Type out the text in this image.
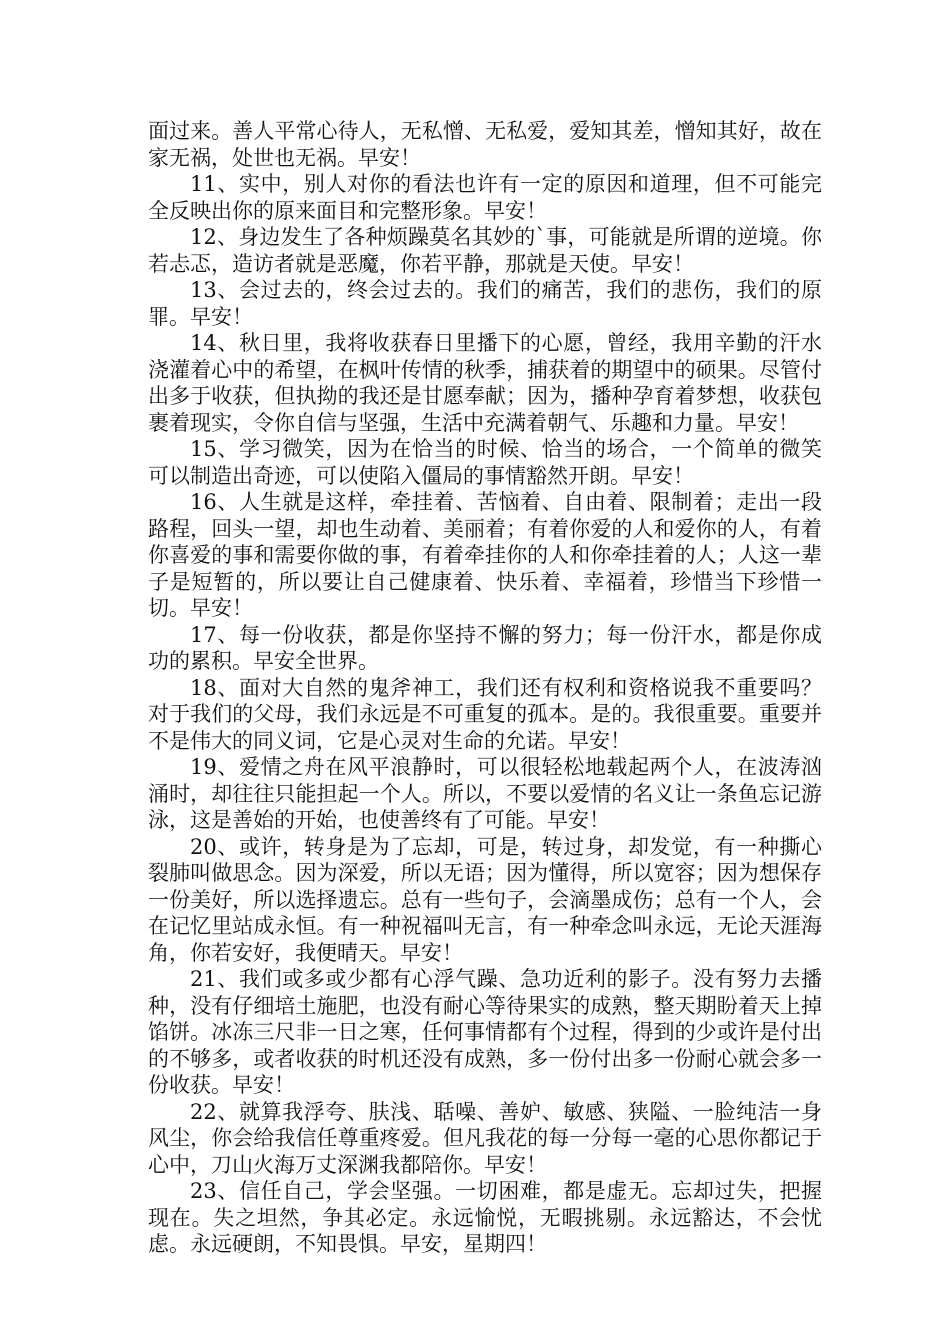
面过来。善人平常心待人，无私憎、无私爱，爱知其差，憎知其好，故在家无祸，处世也无祸。早安！

11、实中，别人对你的看法也许有一定的原因和道理，但不可能完全反映出你的原来面目和完整形象。早安！

12、身边发生了各种烦躁莫名其妙的`事，可能就是所谓的逆境。你若忐忑，造访者就是恶魔，你若平静，那就是天使。早安！

13、会过去的，终会过去的。我们的痛苦，我们的悲伤，我们的原罪。早安！

14、秋日里，我将收获春日里播下的心愿，曾经，我用辛勤的汗水浇灌着心中的希望，在枫叶传情的秋季，捕获着的期望中的硕果。尽管付出多于收获，但执拗的我还是甘愿奉献；因为，播种孕育着梦想，收获包裹着现实，令你自信与坚强，生活中充满着朝气、乐趣和力量。早安！

15、学习微笑，因为在恰当的时候、恰当的场合，一个简单的微笑可以制造出奇迹，可以使陷入僵局的事情豁然开朗。早安！

16、人生就是这样，牵挂着、苦恼着、自由着、限制着；走出一段路程，回头一望，却也生动着、美丽着；有着你爱的人和爱你的人，有着你喜爱的事和需要你做的事，有着牵挂你的人和你牵挂着的人；人这一辈子是短暂的，所以要让自己健康着、快乐着、幸福着，珍惜当下珍惜一切。早安！

17、每一份收获，都是你坚持不懈的努力；每一份汗水，都是你成功的累积。早安全世界。

18、面对大自然的鬼斧神工，我们还有权利和资格说我不重要吗？对于我们的父母，我们永远是不可重复的孤本。是的。我很重要。重要并不是伟大的同义词，它是心灵对生命的允诺。早安！

19、爱情之舟在风平浪静时，可以很轻松地载起两个人，在波涛汹涌时，却往往只能担起一个人。所以，不要以爱情的名义让一条鱼忘记游泳，这是善始的开始，也使善终有了可能。早安！

20、或许，转身是为了忘却，可是，转过身，却发觉，有一种撕心裂肺叫做思念。因为深爱，所以无语；因为懂得，所以宽容；因为想保存一份美好，所以选择遗忘。总有一些句子，会滴墨成伤；总有一个人，会在记忆里站成永恒。有一种祝福叫无言，有一种牵念叫永远，无论天涯海角，你若安好，我便晴天。早安！

21、我们或多或少都有心浮气躁、急功近利的影子。没有努力去播种，没有仔细培土施肥，也没有耐心等待果实的成熟，整天期盼着天上掉馅饼。冰冻三尺非一日之寒，任何事情都有个过程，得到的少或许是付出的不够多，或者收获的时机还没有成熟，多一份付出多一份耐心就会多一份收获。早安！

22、就算我浮夸、肤浅、聒噪、善妒、敏感、狭隘、一脸纯洁一身风尘，你会给我信任尊重疼爱。但凡我花的每一分每一毫的心思你都记于心中，刀山火海万丈深渊我都陪你。早安！

23、信任自己，学会坚强。一切困难，都是虚无。忘却过失，把握现在。失之坦然，争其必定。永远愉悦，无暇挑剔。永远豁达，不会忧虑。永远硬朗，不知畏惧。早安，星期四！
